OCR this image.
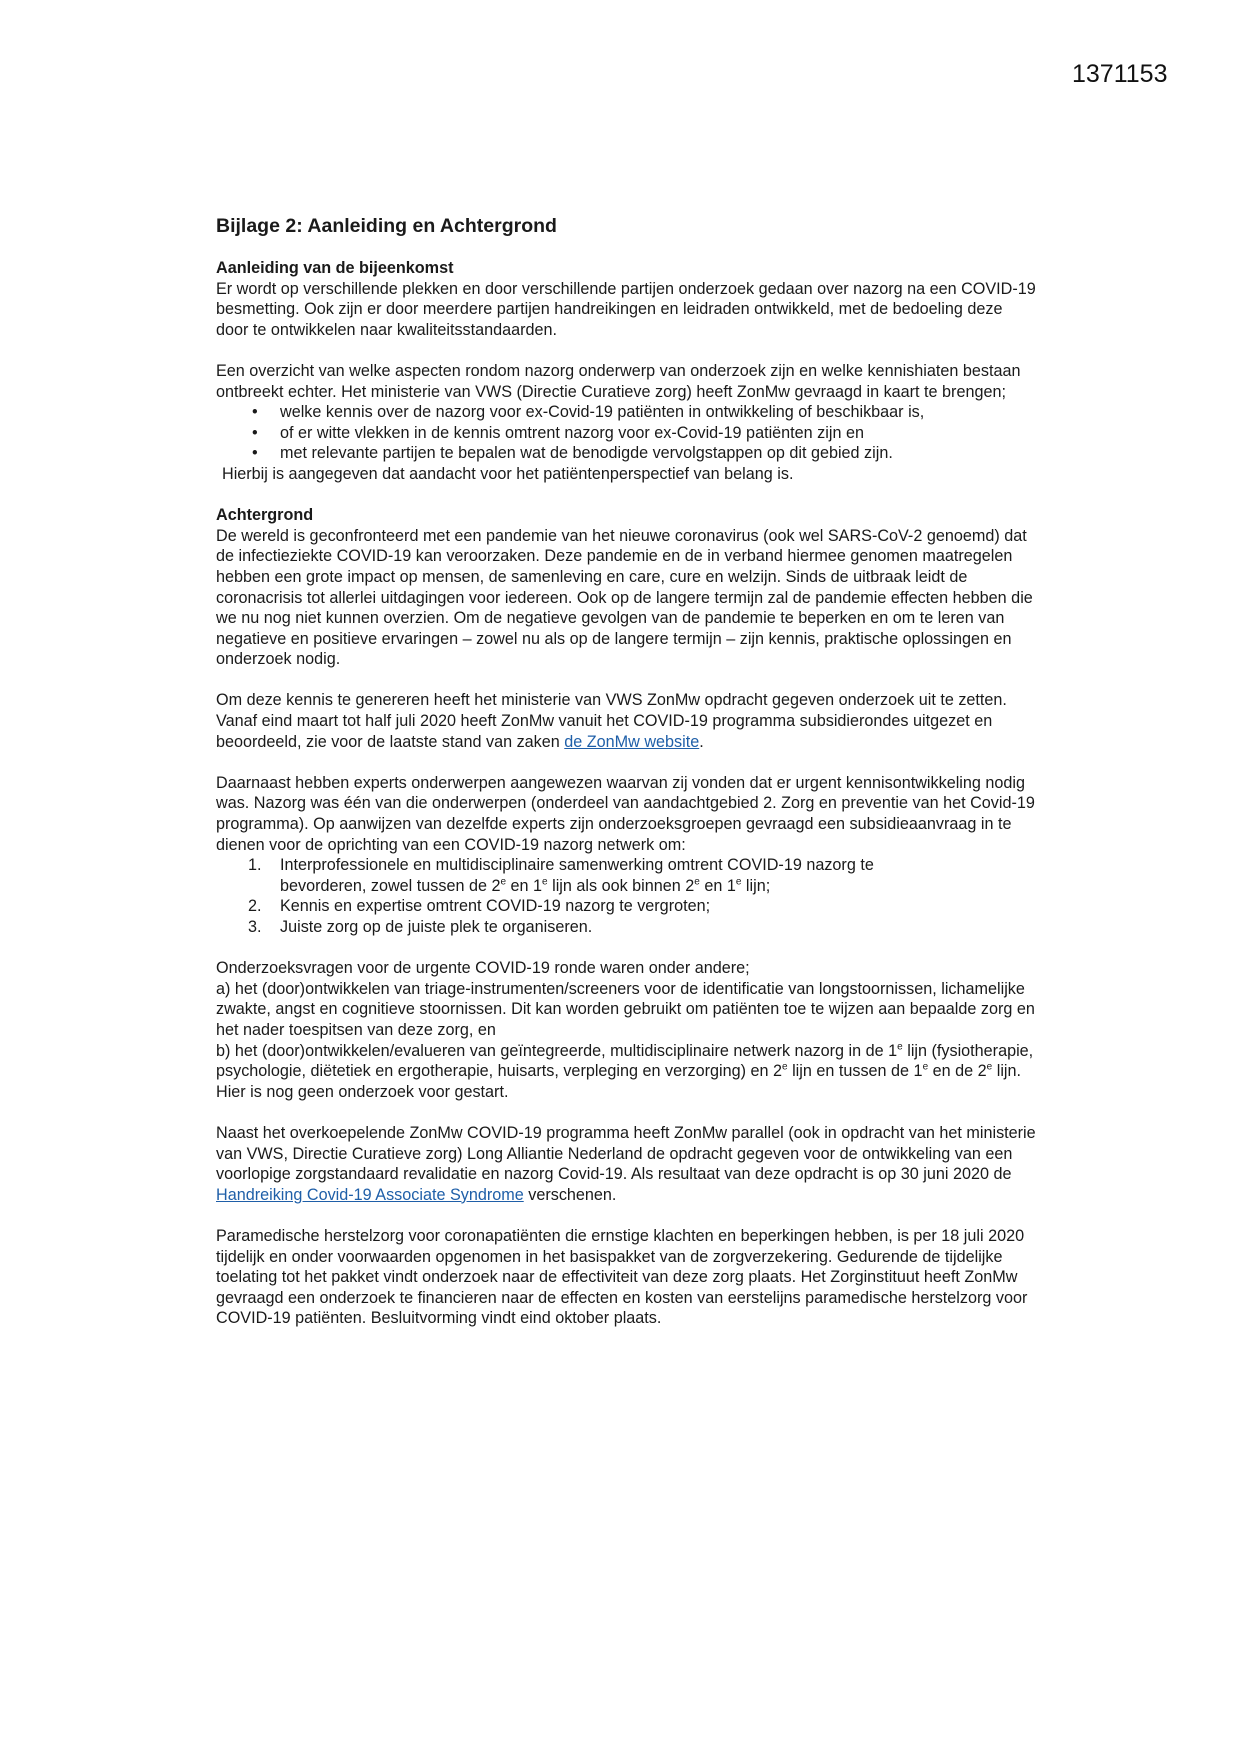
1371153
Bijlage 2: Aanleiding en Achtergrond
Aanleiding van de bijeenkomst
Er wordt op verschillende plekken en door verschillende partijen onderzoek gedaan over nazorg na een COVID-19 besmetting. Ook zijn er door meerdere partijen handreikingen en leidraden ontwikkeld, met de bedoeling deze door te ontwikkelen naar kwaliteitsstandaarden.
Een overzicht van welke aspecten rondom nazorg onderwerp van onderzoek zijn en welke kennishiaten bestaan ontbreekt echter. Het ministerie van VWS (Directie Curatieve zorg) heeft ZonMw gevraagd in kaart te brengen;
• welke kennis over de nazorg voor ex-Covid-19 patiënten in ontwikkeling of beschikbaar is,
• of er witte vlekken in de kennis omtrent nazorg voor ex-Covid-19 patiënten zijn en
• met relevante partijen te bepalen wat de benodigde vervolgstappen op dit gebied zijn.
Hierbij is aangegeven dat aandacht voor het patiëntenperspectief van belang is.
Achtergrond
De wereld is geconfronteerd met een pandemie van het nieuwe coronavirus (ook wel SARS-CoV-2 genoemd) dat de infectieziekte COVID-19 kan veroorzaken. Deze pandemie en de in verband hiermee genomen maatregelen hebben een grote impact op mensen, de samenleving en care, cure en welzijn. Sinds de uitbraak leidt de coronacrisis tot allerlei uitdagingen voor iedereen. Ook op de langere termijn zal de pandemie effecten hebben die we nu nog niet kunnen overzien. Om de negatieve gevolgen van de pandemie te beperken en om te leren van negatieve en positieve ervaringen – zowel nu als op de langere termijn – zijn kennis, praktische oplossingen en onderzoek nodig.
Om deze kennis te genereren heeft het ministerie van VWS ZonMw opdracht gegeven onderzoek uit te zetten. Vanaf eind maart tot half juli 2020 heeft ZonMw vanuit het COVID-19 programma subsidierondes uitgezet en beoordeeld, zie voor de laatste stand van zaken de ZonMw website.
Daarnaast hebben experts onderwerpen aangewezen waarvan zij vonden dat er urgent kennisontwikkeling nodig was. Nazorg was één van die onderwerpen (onderdeel van aandachtgebied 2. Zorg en preventie van het Covid-19 programma). Op aanwijzen van dezelfde experts zijn onderzoeksgroepen gevraagd een subsidieaanvraag in te dienen voor de oprichting van een COVID-19 nazorg netwerk om:
1. Interprofessionele en multidisciplinaire samenwerking omtrent COVID-19 nazorg te
bevorderen, zowel tussen de 2e en 1e lijn als ook binnen 2e en 1e lijn;
2. Kennis en expertise omtrent COVID-19 nazorg te vergroten;
3. Juiste zorg op de juiste plek te organiseren.
Onderzoeksvragen voor de urgente COVID-19 ronde waren onder andere;
a) het (door)ontwikkelen van triage-instrumenten/screeners voor de identificatie van longstoornissen, lichamelijke zwakte, angst en cognitieve stoornissen. Dit kan worden gebruikt om patiënten toe te wijzen aan bepaalde zorg en het nader toespitsen van deze zorg, en
b) het (door)ontwikkelen/evalueren van geïntegreerde, multidisciplinaire netwerk nazorg in de 1e lijn (fysiotherapie, psychologie, diëtetiek en ergotherapie, huisarts, verpleging en verzorging) en 2e lijn en tussen de 1e en de 2e lijn. Hier is nog geen onderzoek voor gestart.
Naast het overkoepelende ZonMw COVID-19 programma heeft ZonMw parallel (ook in opdracht van het ministerie van VWS, Directie Curatieve zorg) Long Alliantie Nederland de opdracht gegeven voor de ontwikkeling van een voorlopige zorgstandaard revalidatie en nazorg Covid-19. Als resultaat van deze opdracht is op 30 juni 2020 de Handreiking Covid-19 Associate Syndrome verschenen.
Paramedische herstelzorg voor coronapatiënten die ernstige klachten en beperkingen hebben, is per 18 juli 2020 tijdelijk en onder voorwaarden opgenomen in het basispakket van de zorgverzekering. Gedurende de tijdelijke toelating tot het pakket vindt onderzoek naar de effectiviteit van deze zorg plaats. Het Zorginstituut heeft ZonMw gevraagd een onderzoek te financieren naar de effecten en kosten van eerstelijns paramedische herstelzorg voor COVID-19 patiënten. Besluitvorming vindt eind oktober plaats.
